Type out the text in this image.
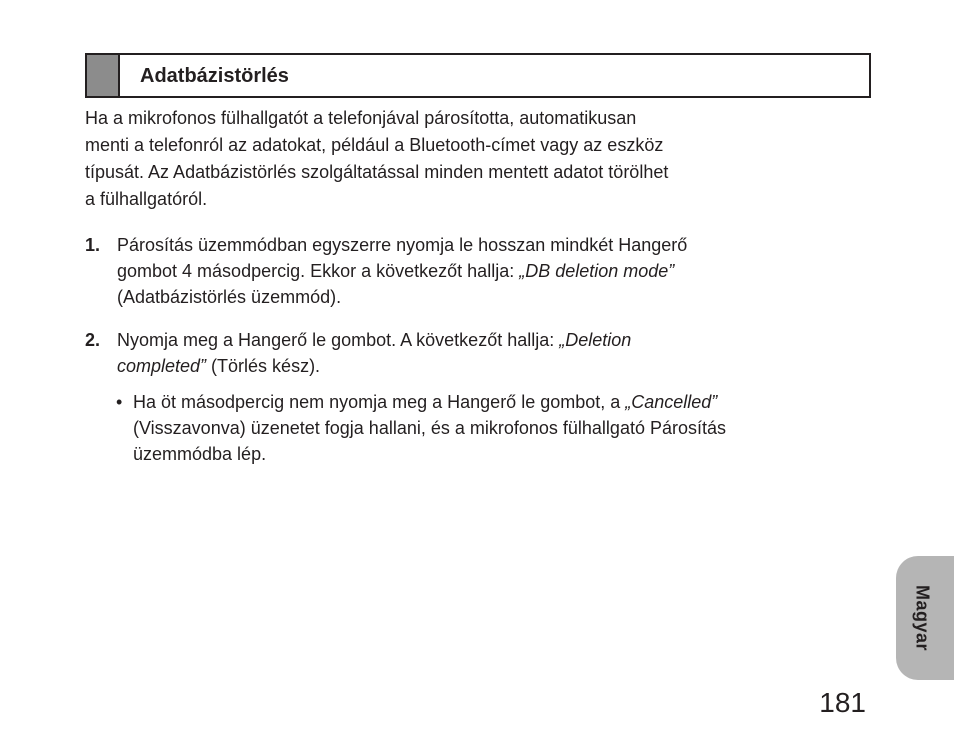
Adatbázistörlés
Ha a mikrofonos fülhallgatót a telefonjával párosította, automatikusan
menti a telefonról az adatokat, például a Bluetooth-címet vagy az eszköz
típusát. Az Adatbázistörlés szolgáltatással minden mentett adatot törölhet
a fülhallgatóról.
1. Párosítás üzemmódban egyszerre nyomja le hosszan mindkét Hangerő
gombot 4 másodpercig. Ekkor a következőt hallja: „DB deletion mode”
(Adatbázistörlés üzemmód).
2. Nyomja meg a Hangerő le gombot. A következőt hallja: „Deletion
completed” (Törlés kész).
• Ha öt másodpercig nem nyomja meg a Hangerő le gombot, a „Cancelled”
(Visszavonva) üzenetet fogja hallani, és a mikrofonos fülhallgató Párosítás
üzemmódba lép.
Magyar
181
